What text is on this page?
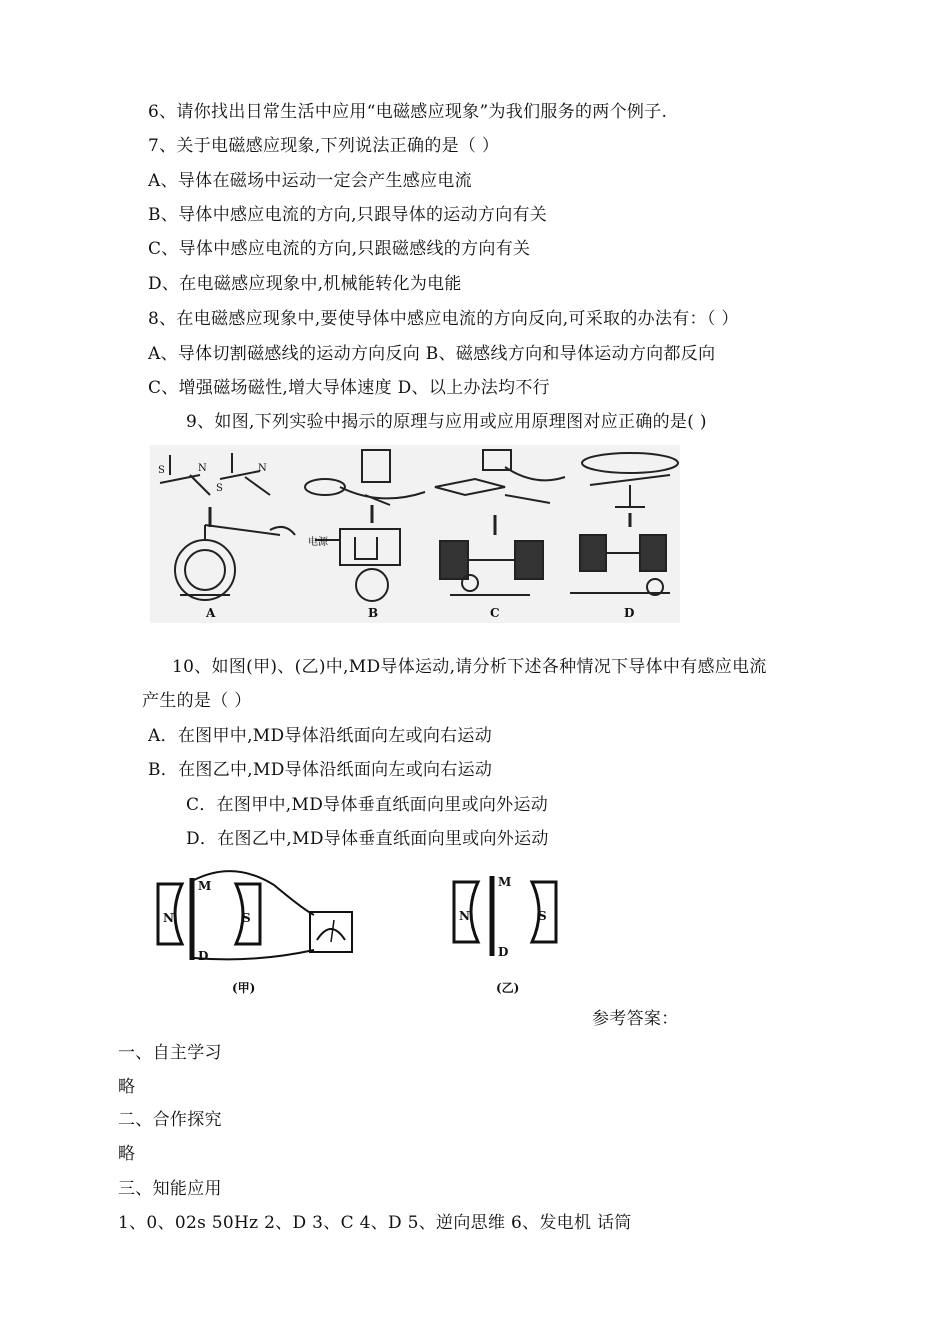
6、请你找出日常生活中应用“电磁感应现象”为我们服务的两个例子.
7、关于电磁感应现象,下列说法正确的是（ ）
A、导体在磁场中运动一定会产生感应电流
B、导体中感应电流的方向,只跟导体的运动方向有关
C、导体中感应电流的方向,只跟磁感线的方向有关
D、在电磁感应现象中,机械能转化为电能
8、在电磁感应现象中,要使导体中感应电流的方向反向,可采取的办法有：（ ）
A、导体切割磁感线的运动方向反向 B、磁感线方向和导体运动方向都反向
C、增强磁场磁性,增大导体速度 D、以上办法均不行
9、如图,下列实验中揭示的原理与应用或应用原理图对应正确的是( )
S	N
S
N
电源
A	B	C	D
10、如图(甲)、(乙)中,MD导体运动,请分析下述各种情况下导体中有感应电流
产生的是（ ）
A．在图甲中,MD导体沿纸面向左或向右运动
B．在图乙中,MD导体沿纸面向左或向右运动
C．在图甲中,MD导体垂直纸面向里或向外运动
D．在图乙中,MD导体垂直纸面向里或向外运动
N	S
M
D
(甲)
N	S
M
D
(乙)
参考答案：
一、自主学习
略
二、合作探究
略
三、知能应用
1、0、02s 50Hz 2、D 3、C 4、D 5、逆向思维 6、发电机 话筒
